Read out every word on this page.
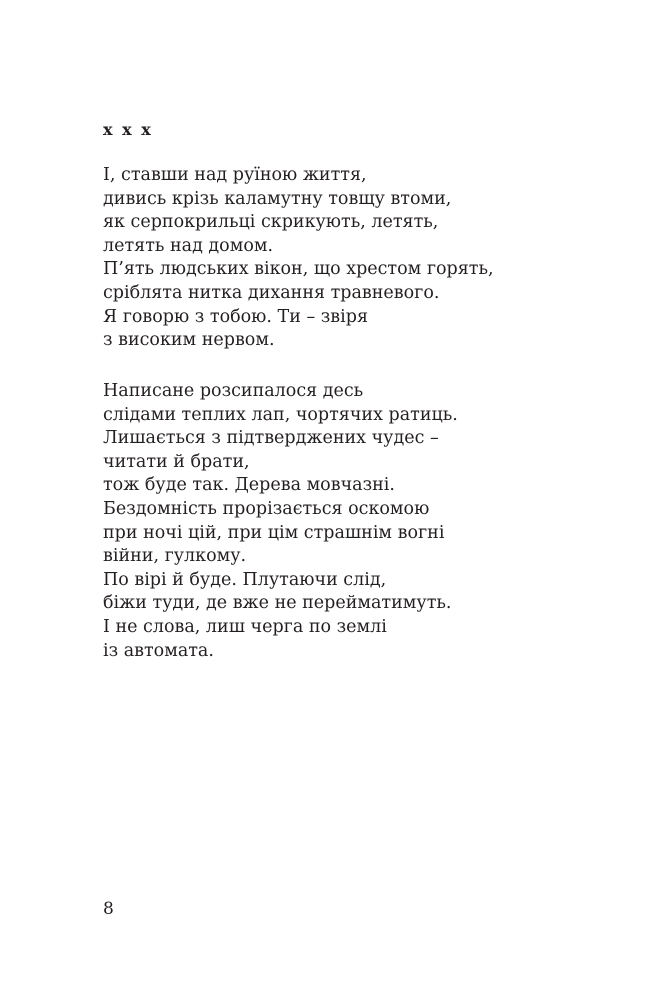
x x x
І, ставши над руїною життя,
дивись крізь каламутну товщу втоми,
як серпокрильці скрикують, летять,
летять над домом.
П’ять людських вікон, що хрестом горять,
сріблята нитка дихання травневого.
Я говорю з тобою. Ти – звіря
з високим нервом.
Написане розсипалося десь
слідами теплих лап, чортячих ратиць.
Лишається з підтверджених чудес –
читати й брати,
тож буде так. Дерева мовчазні.
Бездомність прорізається оскомою
при ночі цій, при цім страшнім вогні
війни, гулкому.
По вірі й буде. Плутаючи слід,
біжи туди, де вже не перейматимуть.
І не слова, лиш черга по землі
із автомата.
8
